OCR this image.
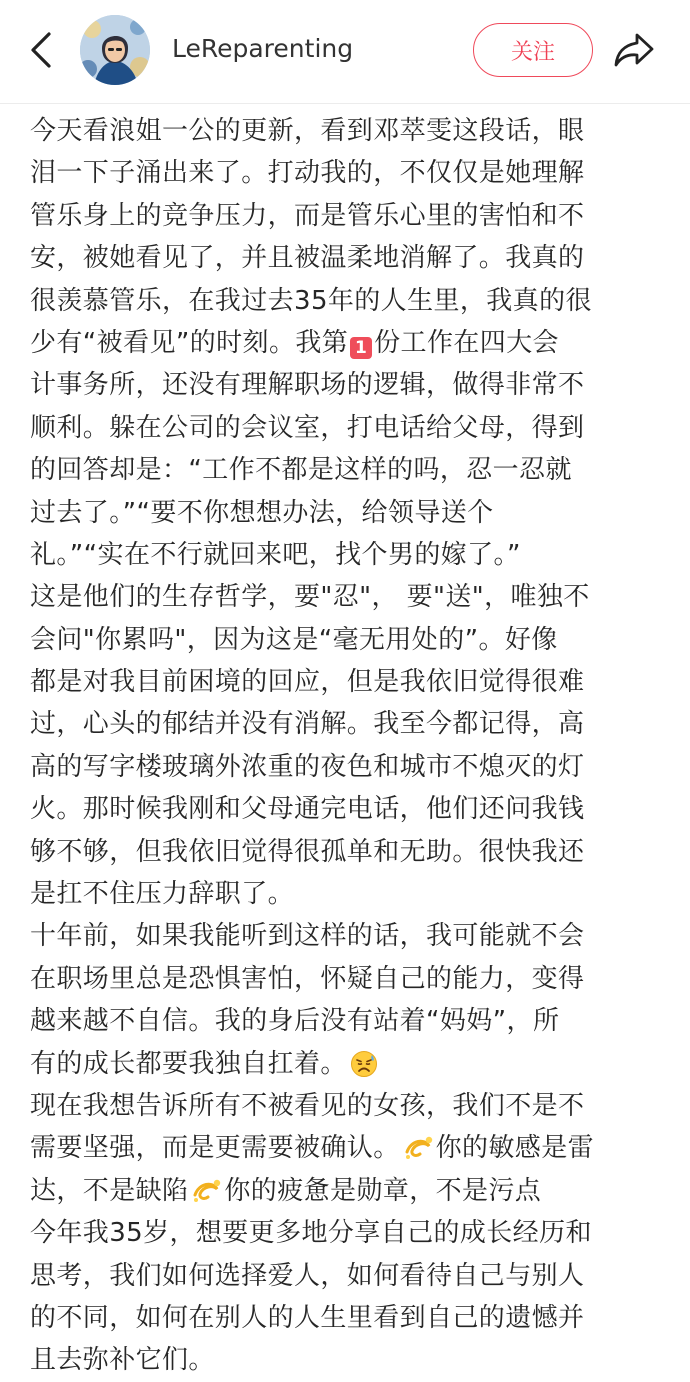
LeReparenting	关注
今天看浪姐一公的更新，看到邓萃雯这段话，眼
泪一下子涌出来了。打动我的，不仅仅是她理解
管乐身上的竞争压力，而是管乐心里的害怕和不
安，被她看见了，并且被温柔地消解了。我真的
很羡慕管乐，在我过去35年的人生里，我真的很
少有“被看见”的时刻。我第 1 份工作在四大会
计事务所，还没有理解职场的逻辑，做得非常不
顺利。躲在公司的会议室，打电话给父母，得到
的回答却是：“工作不都是这样的吗，忍一忍就
过去了。”“要不你想想办法，给领导送个
礼。”“实在不行就回来吧，找个男的嫁了。”
这是他们的生存哲学，要"忍"， 要"送"，唯独不
会问"你累吗"，因为这是“毫无用处的”。好像
都是对我目前困境的回应，但是我依旧觉得很难
过，心头的郁结并没有消解。我至今都记得，高
高的写字楼玻璃外浓重的夜色和城市不熄灭的灯
火。那时候我刚和父母通完电话，他们还问我钱
够不够，但我依旧觉得很孤单和无助。很快我还
是扛不住压力辞职了。
十年前，如果我能听到这样的话，我可能就不会
在职场里总是恐惧害怕，怀疑自己的能力，变得
越来越不自信。我的身后没有站着“妈妈”，所
有的成长都要我独自扛着。
现在我想告诉所有不被看见的女孩，我们不是不
需要坚强，而是更需要被确认。 你的敏感是雷
达，不是缺陷 你的疲惫是勋章，不是污点
今年我35岁，想要更多地分享自己的成长经历和
思考，我们如何选择爱人，如何看待自己与别人
的不同，如何在别人的人生里看到自己的遗憾并
且去弥补它们。
